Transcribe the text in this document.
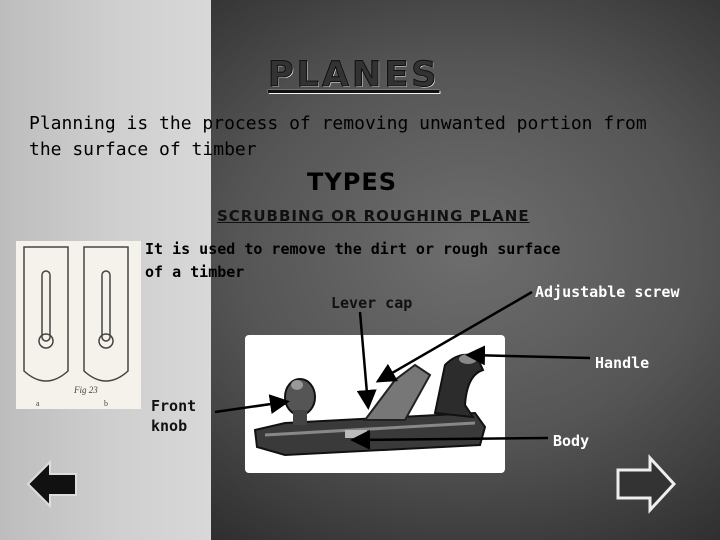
PLANES
Planning is the process of removing unwanted portion from the surface of timber
TYPES
SCRUBBING OR ROUGHING PLANE
It is used to remove the dirt or rough surface of a timber
Fig 23
a	b
Lever cap
Adjustable screw
Handle
Front knob
Body
